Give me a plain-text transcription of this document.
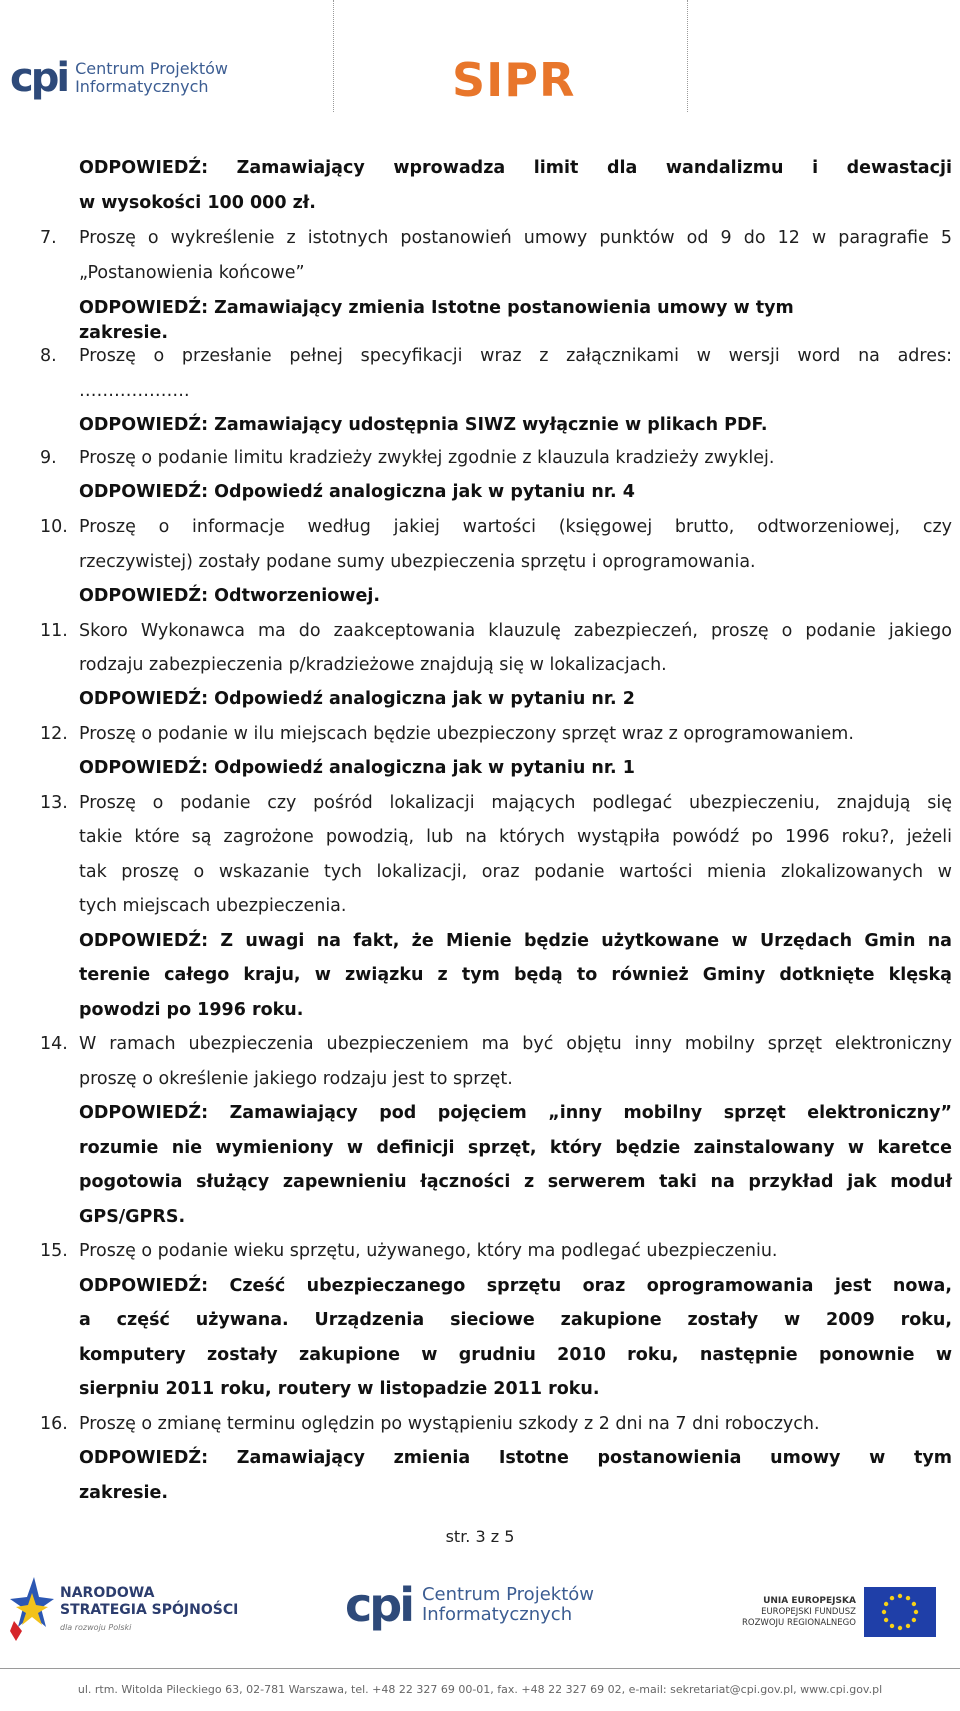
cpi Centrum Projektów
Informatycznych	SIPR
ODPOWIEDŹ: Zamawiający wprowadza limit dla wandalizmu i dewastacji
w wysokości 100 000 zł.
7. Proszę o wykreślenie z istotnych postanowień umowy punktów od 9 do 12 w paragrafie 5
„Postanowienia końcowe”
ODPOWIEDŹ: Zamawiający zmienia Istotne postanowienia umowy w tym
zakresie.
8. Proszę o przesłanie pełnej specyfikacji wraz z załącznikami w wersji word na adres:
……………….
ODPOWIEDŹ: Zamawiający udostępnia SIWZ wyłącznie w plikach PDF.
9. Proszę o podanie limitu kradzieży zwykłej zgodnie z klauzula kradzieży zwyklej.
ODPOWIEDŹ: Odpowiedź analogiczna jak w pytaniu nr. 4
10. Proszę o informacje według jakiej wartości (księgowej brutto, odtworzeniowej, czy
rzeczywistej) zostały podane sumy ubezpieczenia sprzętu i oprogramowania.
ODPOWIEDŹ: Odtworzeniowej.
11. Skoro Wykonawca ma do zaakceptowania klauzulę zabezpieczeń, proszę o podanie jakiego
rodzaju zabezpieczenia p/kradzieżowe znajdują się w lokalizacjach.
ODPOWIEDŹ: Odpowiedź analogiczna jak w pytaniu nr. 2
12. Proszę o podanie w ilu miejscach będzie ubezpieczony sprzęt wraz z oprogramowaniem.
ODPOWIEDŹ: Odpowiedź analogiczna jak w pytaniu nr. 1
13. Proszę o podanie czy pośród lokalizacji mających podlegać ubezpieczeniu, znajdują się
takie które są zagrożone powodzią, lub na których wystąpiła powódź po 1996 roku?, jeżeli
tak proszę o wskazanie tych lokalizacji, oraz podanie wartości mienia zlokalizowanych w
tych miejscach ubezpieczenia.
ODPOWIEDŹ: Z uwagi na fakt, że Mienie będzie użytkowane w Urzędach Gmin na
terenie całego kraju, w związku z tym będą to również Gminy dotknięte klęską
powodzi po 1996 roku.
14. W ramach ubezpieczenia ubezpieczeniem ma być objętu inny mobilny sprzęt elektroniczny
proszę o określenie jakiego rodzaju jest to sprzęt.
ODPOWIEDŹ: Zamawiający pod pojęciem „inny mobilny sprzęt elektroniczny”
rozumie nie wymieniony w definicji sprzęt, który będzie zainstalowany w karetce
pogotowia służący zapewnieniu łączności z serwerem taki na przykład jak moduł
GPS/GPRS.
15. Proszę o podanie wieku sprzętu, używanego, który ma podlegać ubezpieczeniu.
ODPOWIEDŹ: Cześć ubezpieczanego sprzętu oraz oprogramowania jest nowa,
a część używana. Urządzenia sieciowe zakupione zostały w 2009 roku,
komputery zostały zakupione w grudniu 2010 roku, następnie ponownie w
sierpniu 2011 roku, routery w listopadzie 2011 roku.
16. Proszę o zmianę terminu oględzin po wystąpieniu szkody z 2 dni na 7 dni roboczych.
ODPOWIEDŹ: Zamawiający zmienia Istotne postanowienia umowy w tym
zakresie.
str. 3 z 5
NARODOWA
STRATEGIA SPÓJNOŚCI
dla rozwoju Polski	cpi Centrum Projektów
Informatycznych
UNIA EUROPEJSKA
EUROPEJSKI FUNDUSZ
ROZWOJU REGIONALNEGO
ul. rtm. Witolda Pileckiego 63, 02-781 Warszawa, tel. +48 22 327 69 00-01, fax. +48 22 327 69 02, e-mail: sekretariat@cpi.gov.pl, www.cpi.gov.pl
